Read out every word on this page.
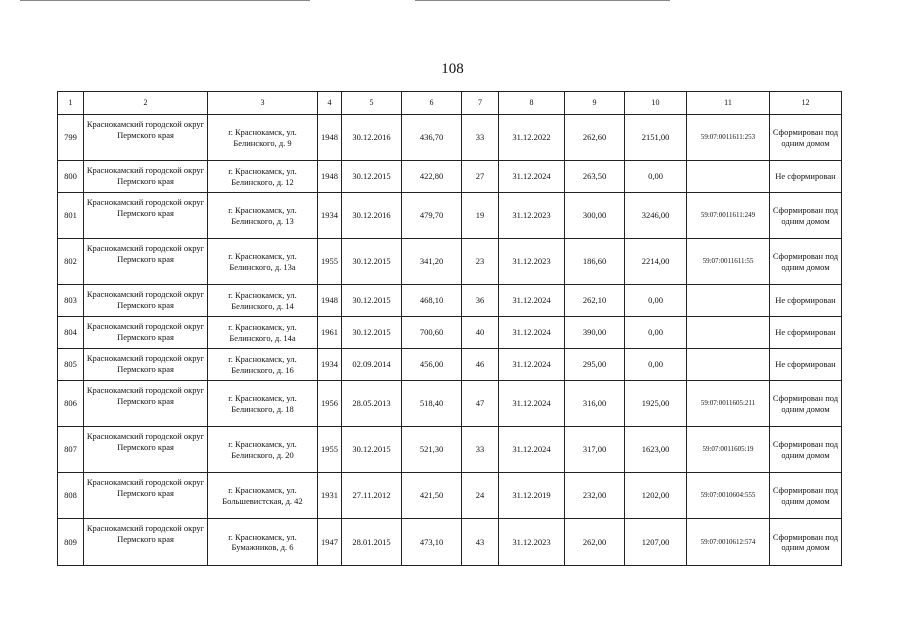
108
1	2	3	4	5	6	7	8	9	10	11	12
799	Краснокамский городской округ Пермского края	г. Краснокамск, ул. Белинского, д. 9	1948	30.12.2016	436,70	33	31.12.2022	262,60	2151,00	59:07:0011611:253	Сформирован под одним домом
800	Краснокамский городской округ Пермского края	г. Краснокамск, ул. Белинского, д. 12	1948	30.12.2015	422,80	27	31.12.2024	263,50	0,00		Не сформирован
801	Краснокамский городской округ Пермского края	г. Краснокамск, ул. Белинского, д. 13	1934	30.12.2016	479,70	19	31.12.2023	300,00	3246,00	59:07:0011611:249	Сформирован под одним домом
802	Краснокамский городской округ Пермского края	г. Краснокамск, ул. Белинского, д. 13а	1955	30.12.2015	341,20	23	31.12.2023	186,60	2214,00	59:07:0011611:55	Сформирован под одним домом
803	Краснокамский городской округ Пермского края	г. Краснокамск, ул. Белинского, д. 14	1948	30.12.2015	468,10	36	31.12.2024	262,10	0,00		Не сформирован
804	Краснокамский городской округ Пермского края	г. Краснокамск, ул. Белинского, д. 14а	1961	30.12.2015	700,60	40	31.12.2024	390,00	0,00		Не сформирован
805	Краснокамский городской округ Пермского края	г. Краснокамск, ул. Белинского, д. 16	1934	02.09.2014	456,00	46	31.12.2024	295,00	0,00		Не сформирован
806	Краснокамский городской округ Пермского края	г. Краснокамск, ул. Белинского, д. 18	1956	28.05.2013	518,40	47	31.12.2024	316,00	1925,00	59:07:0011605:211	Сформирован под одним домом
807	Краснокамский городской округ Пермского края	г. Краснокамск, ул. Белинского, д. 20	1955	30.12.2015	521,30	33	31.12.2024	317,00	1623,00	59:07:0011605:19	Сформирован под одним домом
808	Краснокамский городской округ Пермского края	г. Краснокамск, ул. Большевистская, д. 42	1931	27.11.2012	421,50	24	31.12.2019	232,00	1202,00	59:07:0010604:555	Сформирован под одним домом
809	Краснокамский городской округ Пермского края	г. Краснокамск, ул. Бумажников, д. 6	1947	28.01.2015	473,10	43	31.12.2023	262,00	1207,00	59:07:0010612:574	Сформирован под одним домом
